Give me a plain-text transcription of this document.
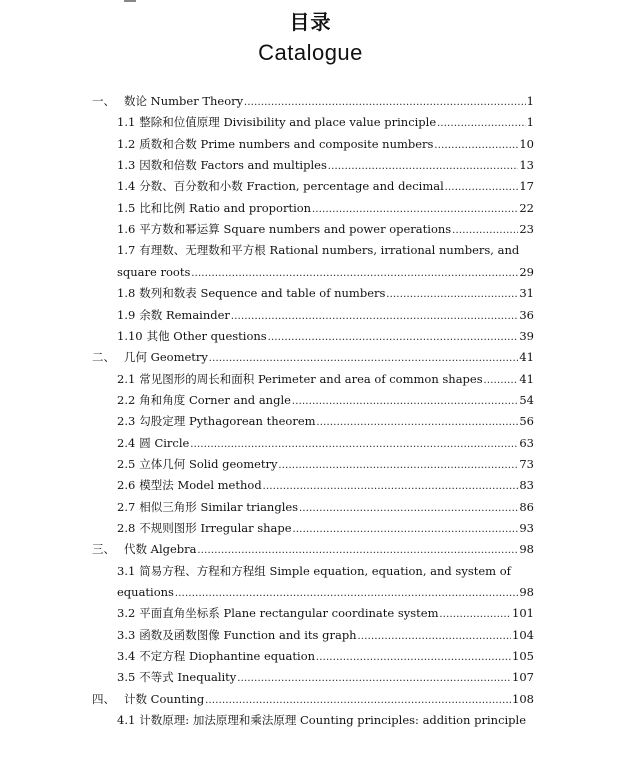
目录
Catalogue
一、 数论 Number Theory .....	1
1.1 整除和位值原理 Divisibility and place value principle .....	1
1.2 质数和合数 Prime numbers and composite numbers .....	10
1.3 因数和倍数 Factors and multiples .....	13
1.4 分数、百分数和小数 Fraction, percentage and decimal .....	17
1.5 比和比例 Ratio and proportion .....	22
1.6 平方数和幂运算 Square numbers and power operations .....	23
1.7 有理数、无理数和平方根 Rational numbers, irrational numbers, and
square roots .....	29
1.8 数列和数表 Sequence and table of numbers .....	31
1.9 余数 Remainder .....	36
1.10 其他 Other questions .....	39
二、 几何 Geometry .....	41
2.1 常见图形的周长和面积 Perimeter and area of common shapes .....	41
2.2 角和角度 Corner and angle .....	54
2.3 勾股定理 Pythagorean theorem .....	56
2.4 圆 Circle .....	63
2.5 立体几何 Solid geometry .....	73
2.6 模型法 Model method .....	83
2.7 相似三角形 Similar triangles .....	86
2.8 不规则图形 Irregular shape .....	93
三、 代数 Algebra .....	98
3.1 简易方程、方程和方程组 Simple equation, equation, and system of
equations .....	98
3.2 平面直角坐标系 Plane rectangular coordinate system .....	101
3.3 函数及函数图像 Function and its graph .....	104
3.4 不定方程 Diophantine equation .....	105
3.5 不等式 Inequality .....	107
四、 计数 Counting .....	108
4.1 计数原理: 加法原理和乘法原理 Counting principles: addition principle
